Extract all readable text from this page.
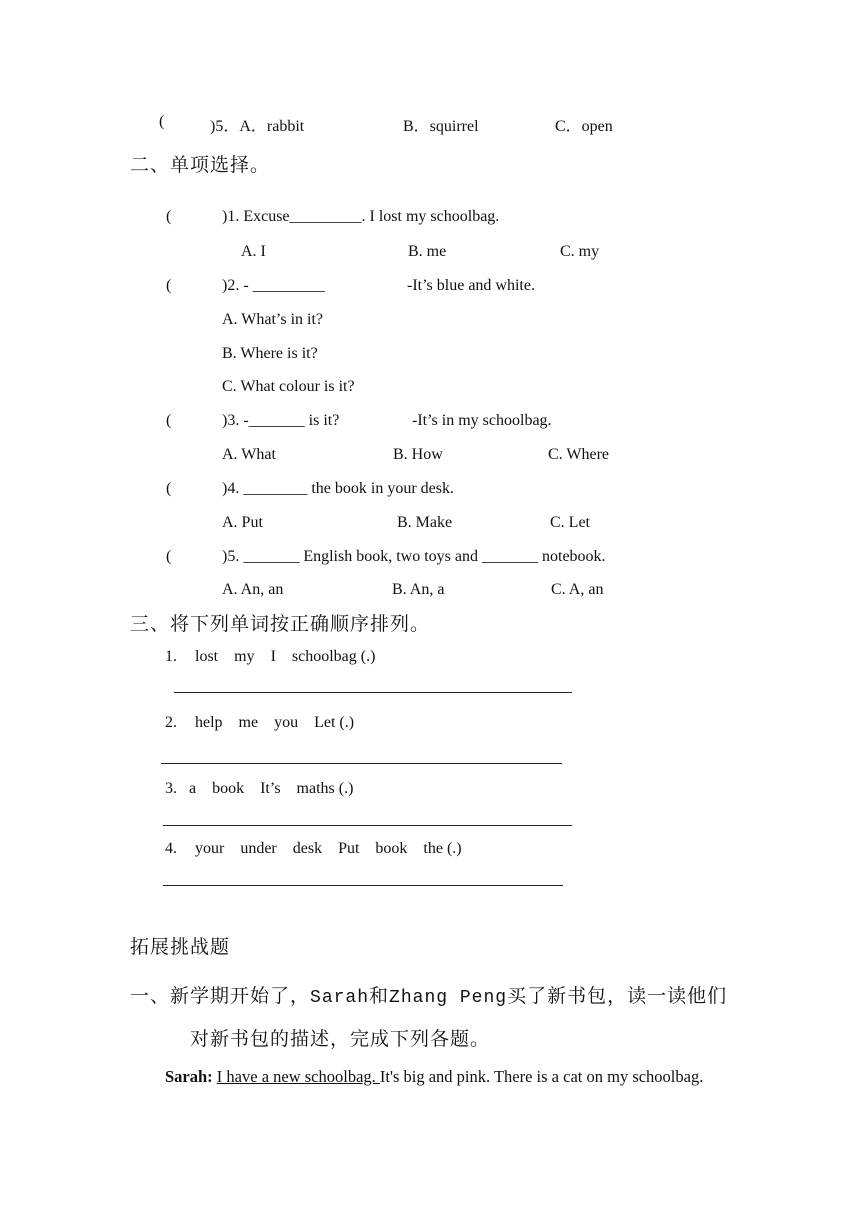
(	)5．A．rabbit	B．squirrel	C．open
二、单项选择。
(	)1. Excuse_________. I lost my schoolbag.
A. I	B. me	C. my
(	)2. - _________	-It’s blue and white.
A. What’s in it?
B. Where is it?
C. What colour is it?
(	)3. -_______ is it?	-It’s in my schoolbag.
A. What	B. How	C. Where
(	)4. ________ the book in your desk.
A. Put	B. Make	C. Let
(	)5. _______ English book, two toys and _______ notebook.
A. An, an	B. An, a	C. A, an
三、将下列单词按正确顺序排列。
1. lost    my    I    schoolbag (.)
2. help    me    you    Let (.)
3. a    book    It’s    maths (.)
4. your    under    desk    Put    book    the (.)
拓展挑战题
一、新学期开始了，Sarah和Zhang Peng买了新书包，读一读他们
对新书包的描述，完成下列各题。
Sarah: I have a new schoolbag. It's big and pink. There is a cat on my schoolbag.
